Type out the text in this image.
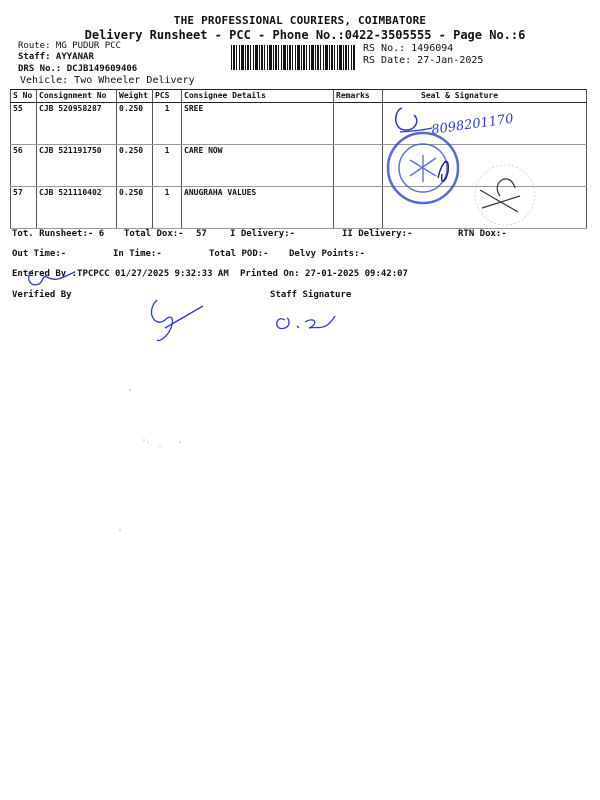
THE PROFESSIONAL COURIERS, COIMBATORE
Delivery Runsheet - PCC - Phone No.:0422-3505555 - Page No.:6
Route: MG PUDUR PCC
Staff: AYYANAR
DRS No.: DCJB149609406
Vehicle: Two Wheeler Delivery
RS No.: 1496094
RS Date: 27-Jan-2025
S No	Consignment No	Weight	PCS	Consignee Details	Remarks	Seal & Signature
55	CJB 520958287	0.250	1	SREE		
56	CJB 521191750	0.250	1	CARE NOW		
57	CJB 521110402	0.250	1	ANUGRAHA VALUES		
8098201170
Tot. Runsheet:- 6 Total Dox:- 57	I Delivery:-	II Delivery:-	RTN Dox:-
Out Time:-	In Time:-	Total POD:- Delvy Points:-
Entered By :TPCPCC 01/27/2025 9:32:33 AM Printed On: 27-01-2025 09:42:07
Verified By	Staff Signature
